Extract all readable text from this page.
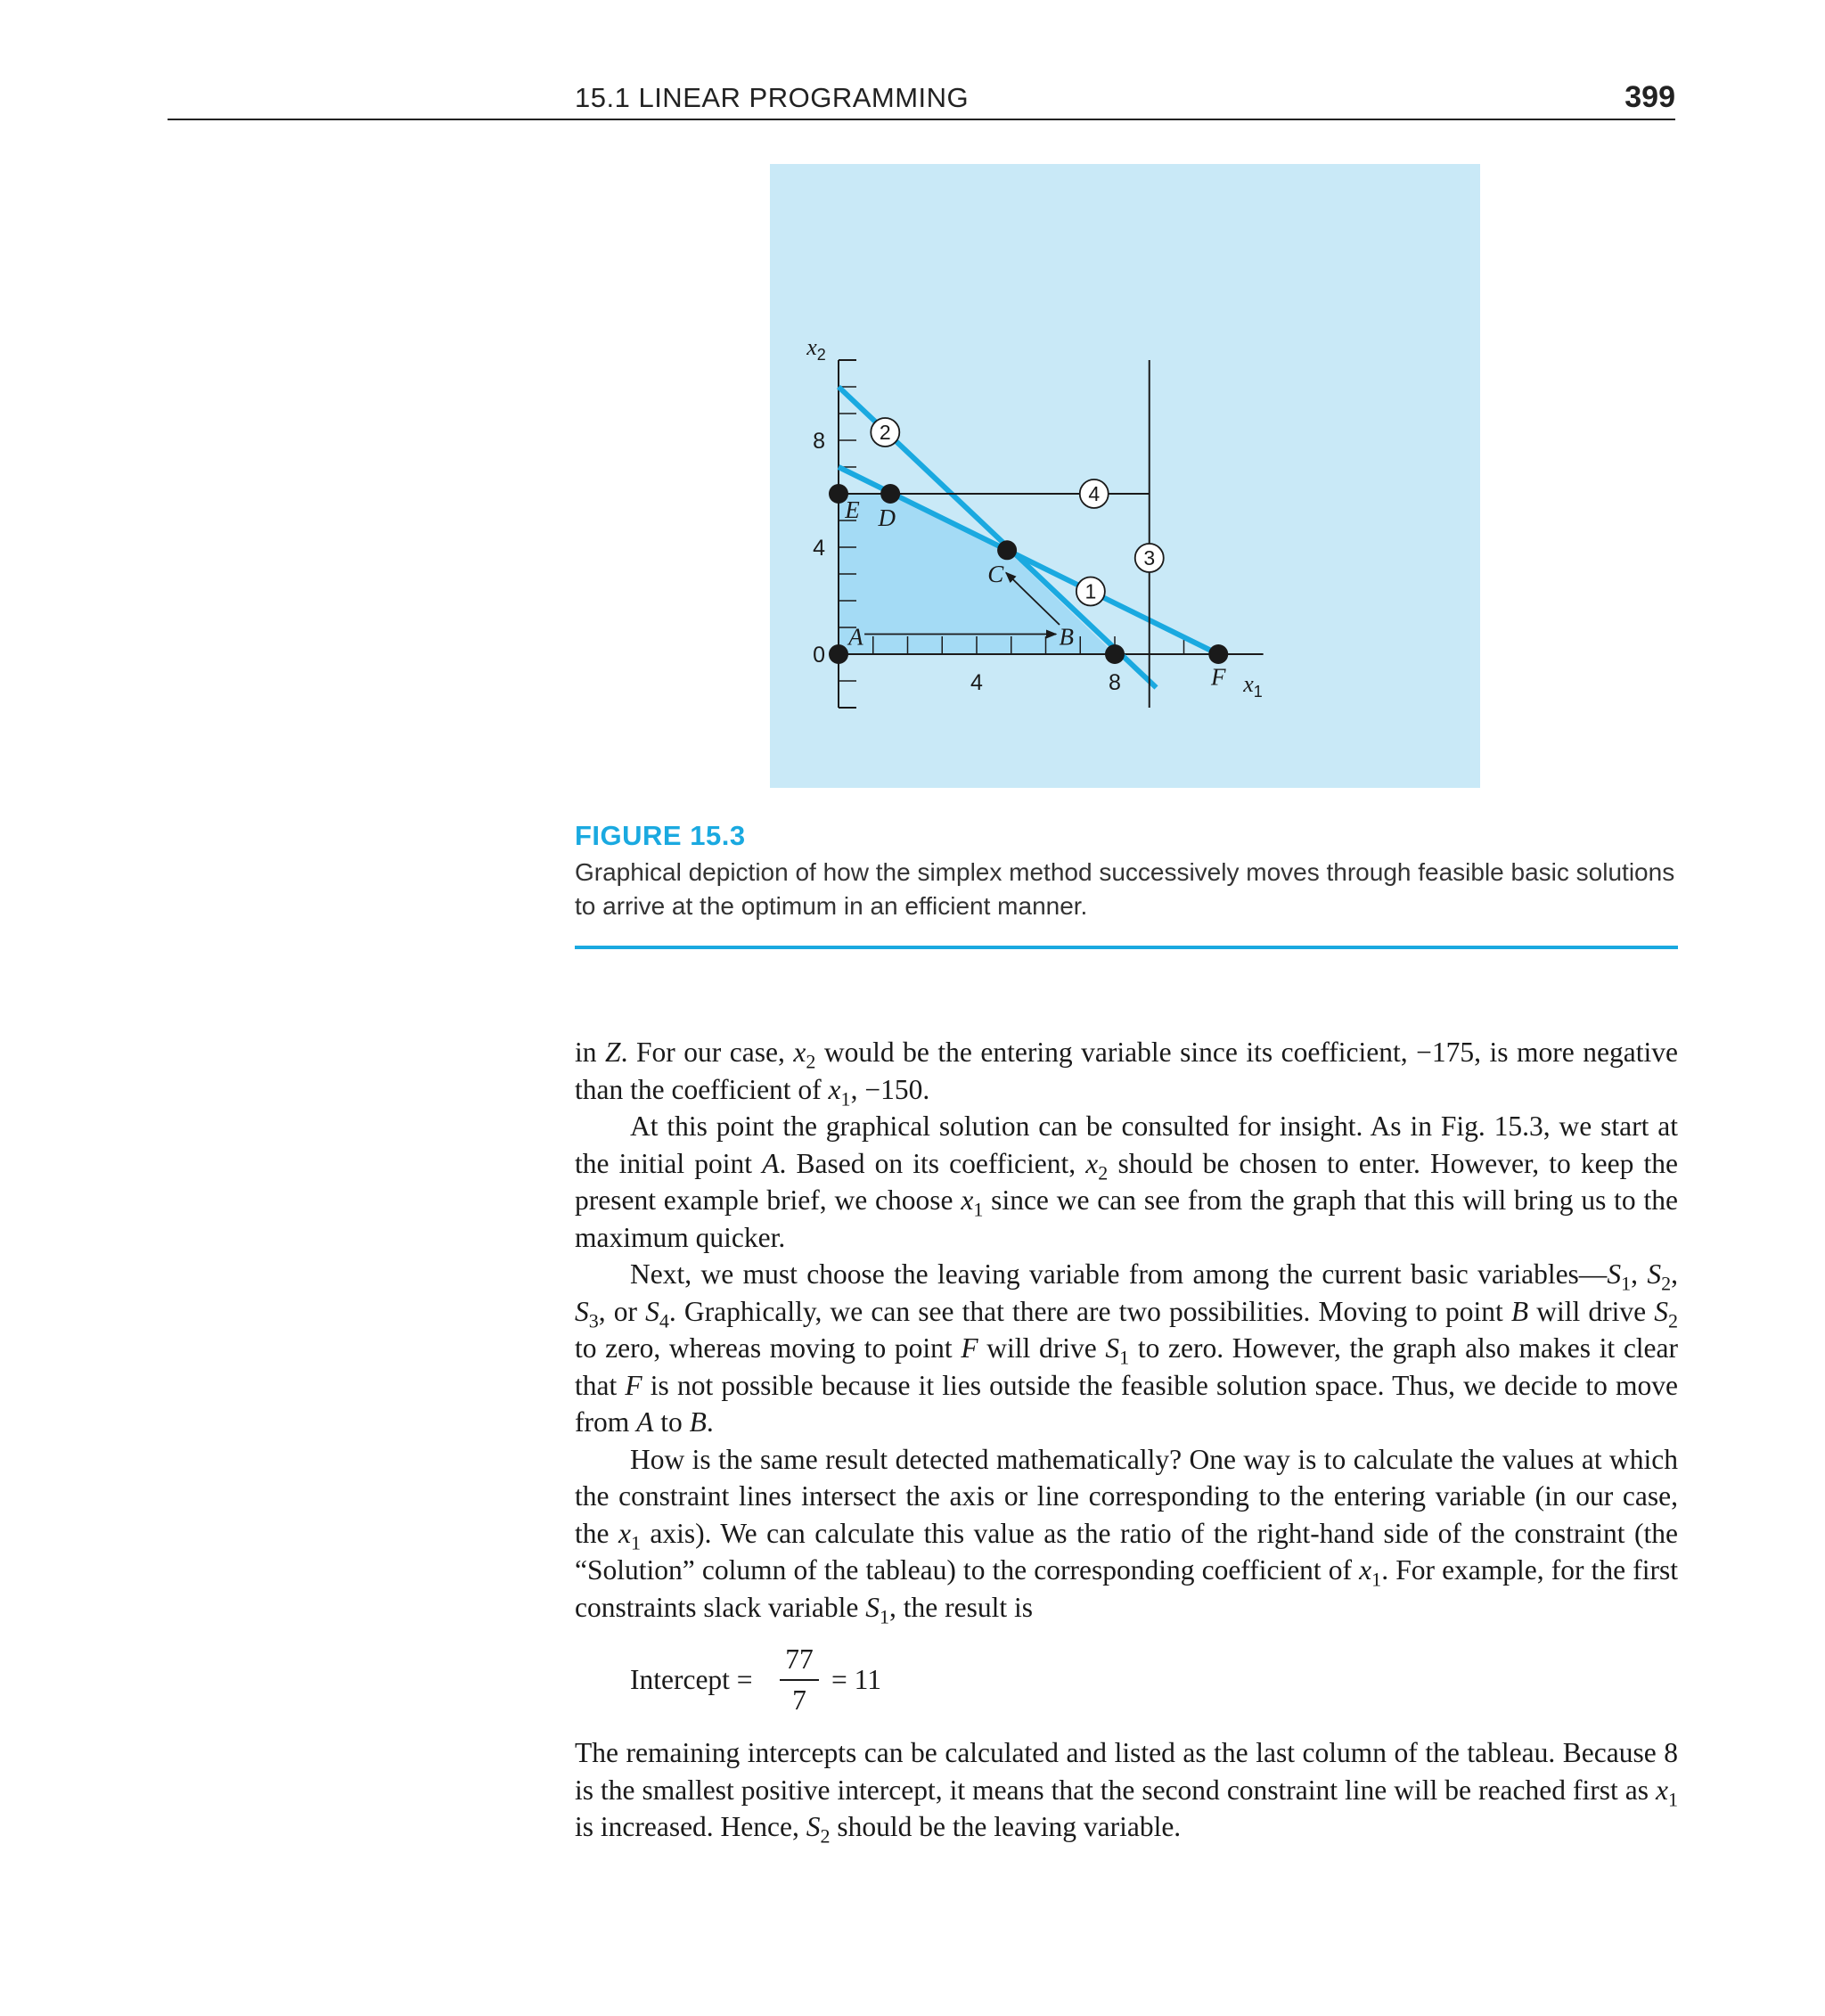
15.1 LINEAR PROGRAMMING	399
1
2
3
4
4	8
0
4
8
$x_1$
$x_2$
E D
C
A	B
F
FIGURE 15.3
Graphical depiction of how the simplex method successively moves through feasible basic solutions to arrive at the optimum in an efficient manner.

in Z. For our case, $x_2$ would be the entering variable since its coefficient, −175, is more negative than the coefficient of $x_1$, −150.

At this point the graphical solution can be consulted for insight. As in Fig. 15.3, we start at the initial point A. Based on its coefficient, $x_2$ should be chosen to enter. However, to keep the present example brief, we choose $x_1$ since we can see from the graph that this will bring us to the maximum quicker.

Next, we must choose the leaving variable from among the current basic $variables—S_1$, $S_2$, $S_3$, or $S_4$. Graphically, we can see that there are two possibilities. Moving to point B will drive $S_2$ to zero, whereas moving to point F will drive $S_1$ to zero. However, the graph also makes it clear that F is not possible because it lies outside the feasible solution space. Thus, we decide to move from A to B.

How is the same result detected mathematically? One way is to calculate the values at which the constraint lines intersect the axis or line corresponding to the entering variable (in our case, the $x_1$ axis). We can calculate this value as the ratio of the right-hand side of the constraint (the “Solution” column of the tableau) to the corresponding coefficient of $x_1$. For example, for the first constraints slack variable $S_1$, the result is

Intercept =
77
7
= 11

The remaining intercepts can be calculated and listed as the last column of the tableau. Because 8 is the smallest positive intercept, it means that the second constraint line will be reached first as $x_1$ is increased. Hence, $S_2$ should be the leaving variable.
